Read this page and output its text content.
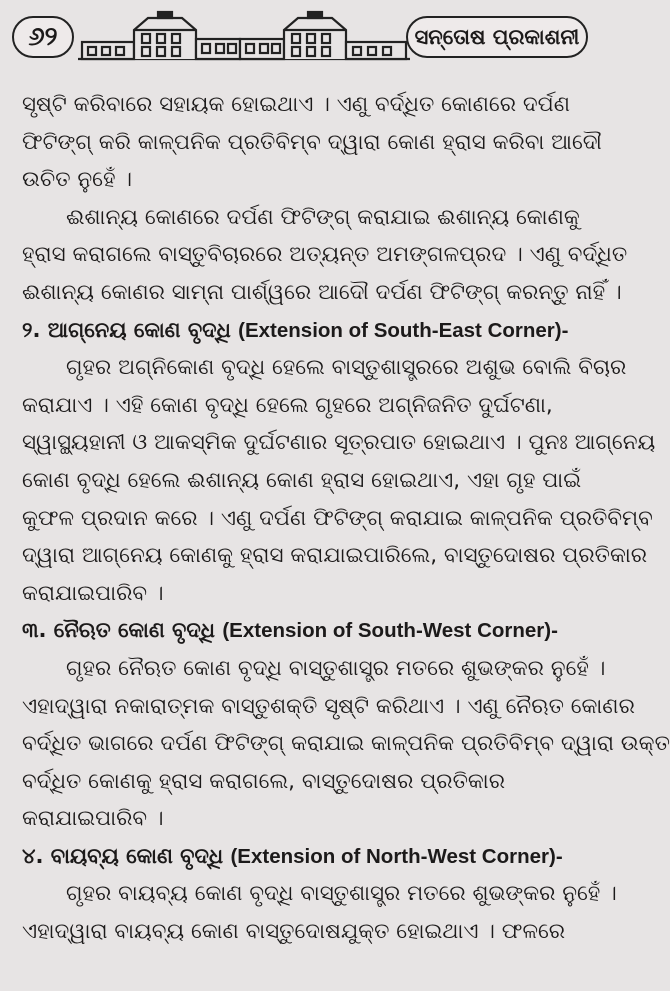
୬୨	ସନ୍ତୋଷ ପ୍ରକାଶନୀ
ସୃଷ୍ଟି କରିବାରେ ସହାୟକ ହୋଇଥାଏ । ଏଣୁ ବର୍ଦ୍ଧିତ କୋଣରେ ଦର୍ପଣ
ଫିଟିଙ୍ଗ୍ କରି କାଳ୍ପନିକ ପ୍ରତିବିମ୍ବ ଦ୍ୱାରା କୋଣ ହ୍ରାସ କରିବା ଆଦୌ
ଉଚିତ ନୁହେଁ ।
ଈଶାନ୍ୟ କୋଣରେ ଦର୍ପଣ ଫିଟିଙ୍ଗ୍ କରାଯାଇ ଈଶାନ୍ୟ କୋଣକୁ
ହ୍ରାସ କରାଗଲେ ବାସ୍ତୁବିଚାରରେ ଅତ୍ୟନ୍ତ ଅମଙ୍ଗଳପ୍ରଦ । ଏଣୁ ବର୍ଦ୍ଧିତ
ଈଶାନ୍ୟ କୋଣର ସାମ୍ନା ପାର୍ଶ୍ୱରେ ଆଦୌ ଦର୍ପଣ ଫିଟିଙ୍ଗ୍ କରନ୍ତୁ ନାହିଁ ।
୨. ଆଗ୍ନେୟ କୋଣ ବୃଦ୍ଧି (Extension of South-East Corner)-
ଗୃହର ଅଗ୍ନିକୋଣ ବୃଦ୍ଧି ହେଲେ ବାସ୍ତୁଶାସ୍ତ୍ରରେ ଅଶୁଭ ବୋଲି ବିଚାର
କରାଯାଏ । ଏହି କୋଣ ବୃଦ୍ଧି ହେଲେ ଗୃହରେ ଅଗ୍ନିଜନିତ ଦୁର୍ଘଟଣା,
ସ୍ୱାସ୍ଥ୍ୟହାନୀ ଓ ଆକସ୍ମିକ ଦୁର୍ଘଟଣାର ସୂତ୍ରପାତ ହୋଇଥାଏ । ପୁନଃ ଆଗ୍ନେୟ
କୋଣ ବୃଦ୍ଧି ହେଲେ ଈଶାନ୍ୟ କୋଣ ହ୍ରାସ ହୋଇଥାଏ, ଏହା ଗୃହ ପାଇଁ
କୁଫଳ ପ୍ରଦାନ କରେ । ଏଣୁ ଦର୍ପଣ ଫିଟିଙ୍ଗ୍ କରାଯାଇ କାଳ୍ପନିକ ପ୍ରତିବିମ୍ବ
ଦ୍ୱାରା ଆଗ୍ନେୟ କୋଣକୁ ହ୍ରାସ କରାଯାଇପାରିଲେ, ବାସ୍ତୁଦୋଷର ପ୍ରତିକାର
କରାଯାଇପାରିବ ।
୩. ନୈଋତ କୋଣ ବୃଦ୍ଧି (Extension of South-West Corner)-
ଗୃହର ନୈଋତ କୋଣ ବୃଦ୍ଧି ବାସ୍ତୁଶାସ୍ତ୍ର ମତରେ ଶୁଭଙ୍କର ନୁହେଁ ।
ଏହାଦ୍ୱାରା ନକାରାତ୍ମକ ବାସ୍ତୁଶକ୍ତି ସୃଷ୍ଟି କରିଥାଏ । ଏଣୁ ନୈଋତ କୋଣର
ବର୍ଦ୍ଧିତ ଭାଗରେ ଦର୍ପଣ ଫିଟିଙ୍ଗ୍ କରାଯାଇ କାଳ୍ପନିକ ପ୍ରତିବିମ୍ବ ଦ୍ୱାରା ଉକ୍ତ
ବର୍ଦ୍ଧିତ କୋଣକୁ ହ୍ରାସ କରାଗଲେ, ବାସ୍ତୁଦୋଷର ପ୍ରତିକାର
କରାଯାଇପାରିବ ।
୪. ବାୟବ୍ୟ କୋଣ ବୃଦ୍ଧି (Extension of North-West Corner)-
ଗୃହର ବାୟବ୍ୟ କୋଣ ବୃଦ୍ଧି ବାସ୍ତୁଶାସ୍ତ୍ର ମତରେ ଶୁଭଙ୍କର ନୁହେଁ ।
ଏହାଦ୍ୱାରା ବାୟବ୍ୟ କୋଣ ବାସ୍ତୁଦୋଷଯୁକ୍ତ ହୋଇଥାଏ । ଫଳରେ
